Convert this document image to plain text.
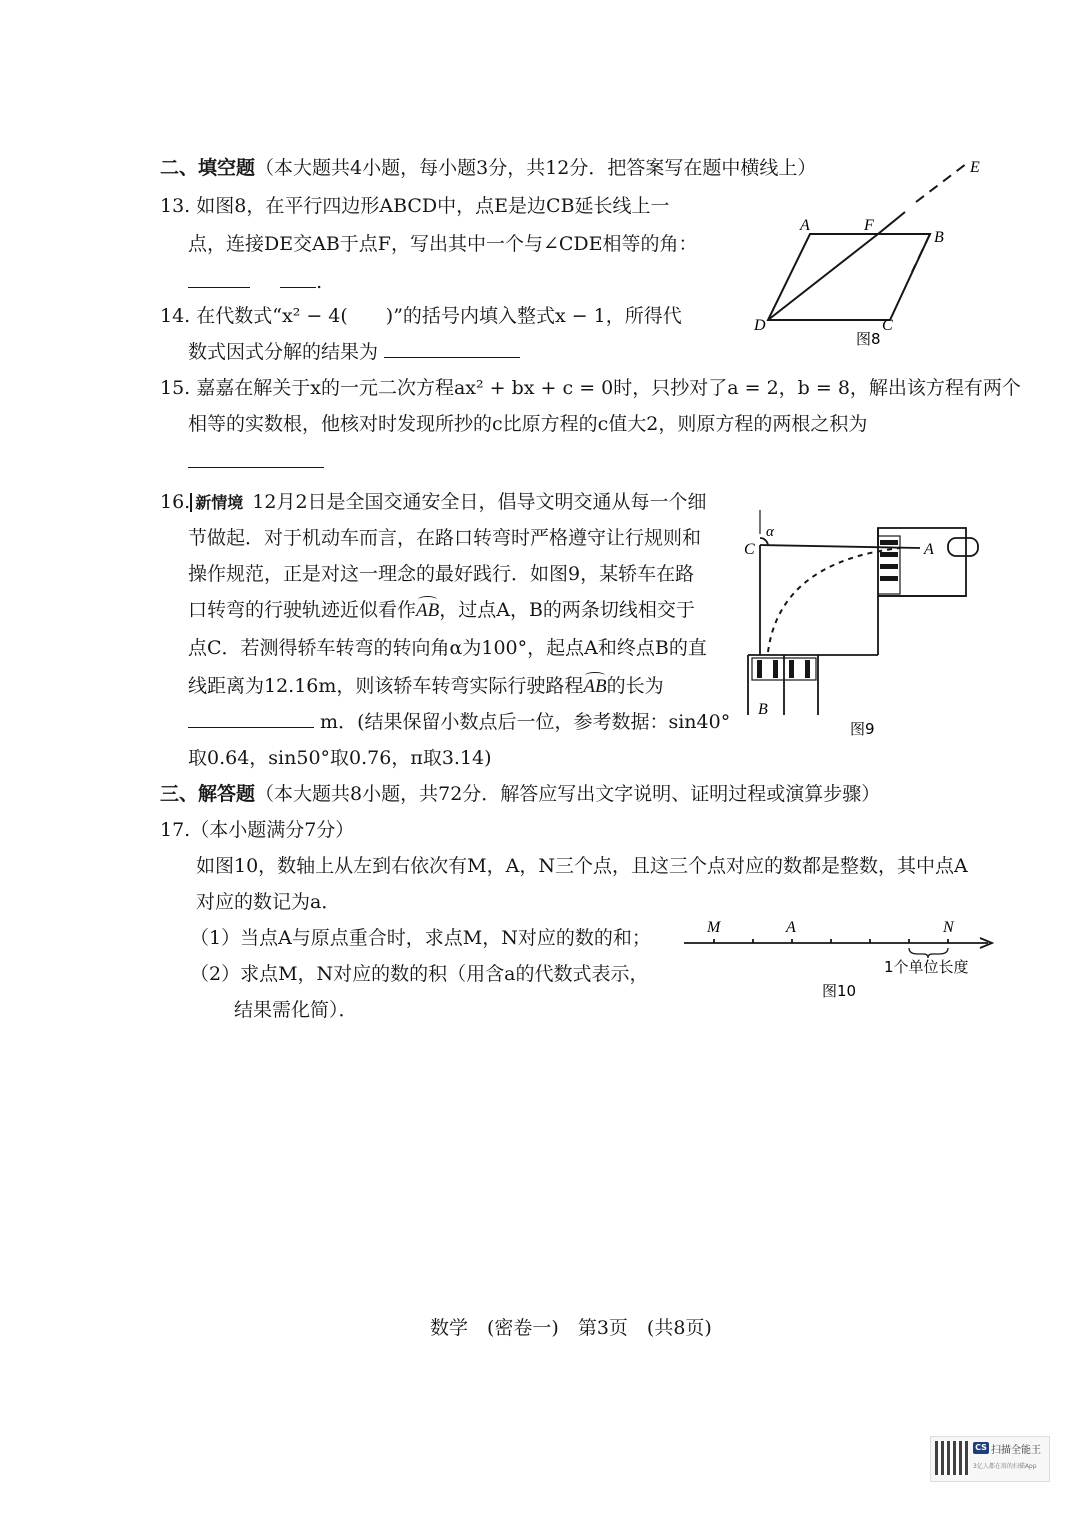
二、填空题（本大题共4小题，每小题3分，共12分．把答案写在题中横线上）
13. 如图8，在平行四边形ABCD中，点E是边CB延长线上一
点，连接DE交AB于点F，写出其中一个与∠CDE相等的角：
.
A	F
B
E
D	C
图8
14. 在代数式“x² − 4(　　)”的括号内填入整式x − 1，所得代
数式因式分解的结果为
15. 嘉嘉在解关于x的一元二次方程ax² + bx + c = 0时，只抄对了a = 2，b = 8，解出该方程有两个
相等的实数根，他核对时发现所抄的c比原方程的c值大2，则原方程的两根之积为
16. 新情境 12月2日是全国交通安全日，倡导文明交通从每一个细
节做起．对于机动车而言，在路口转弯时严格遵守让行规则和
操作规范，正是对这一理念的最好践行．如图9，某轿车在路
口转弯的行驶轨迹近似看作AB，过点A，B的两条切线相交于
点C．若测得轿车转弯的转向角α为100°，起点A和终点B的直
线距离为12.16m，则该轿车转弯实际行驶路程AB的长为
m．(结果保留小数点后一位，参考数据：sin40°
取0.64，sin50°取0.76，π取3.14)
α
C	A
B
图9
三、解答题（本大题共8小题，共72分．解答应写出文字说明、证明过程或演算步骤）
17.（本小题满分7分）
如图10，数轴上从左到右依次有M，A，N三个点，且这三个点对应的数都是整数，其中点A
对应的数记为a．
（1）当点A与原点重合时，求点M，N对应的数的和；
（2）求点M，N对应的数的积（用含a的代数式表示，
结果需化简）．
M	A	N
1个单位长度
图10
数学　(密卷一)　第3页　(共8页)
CS 扫描全能王
3亿人都在用的扫描App
